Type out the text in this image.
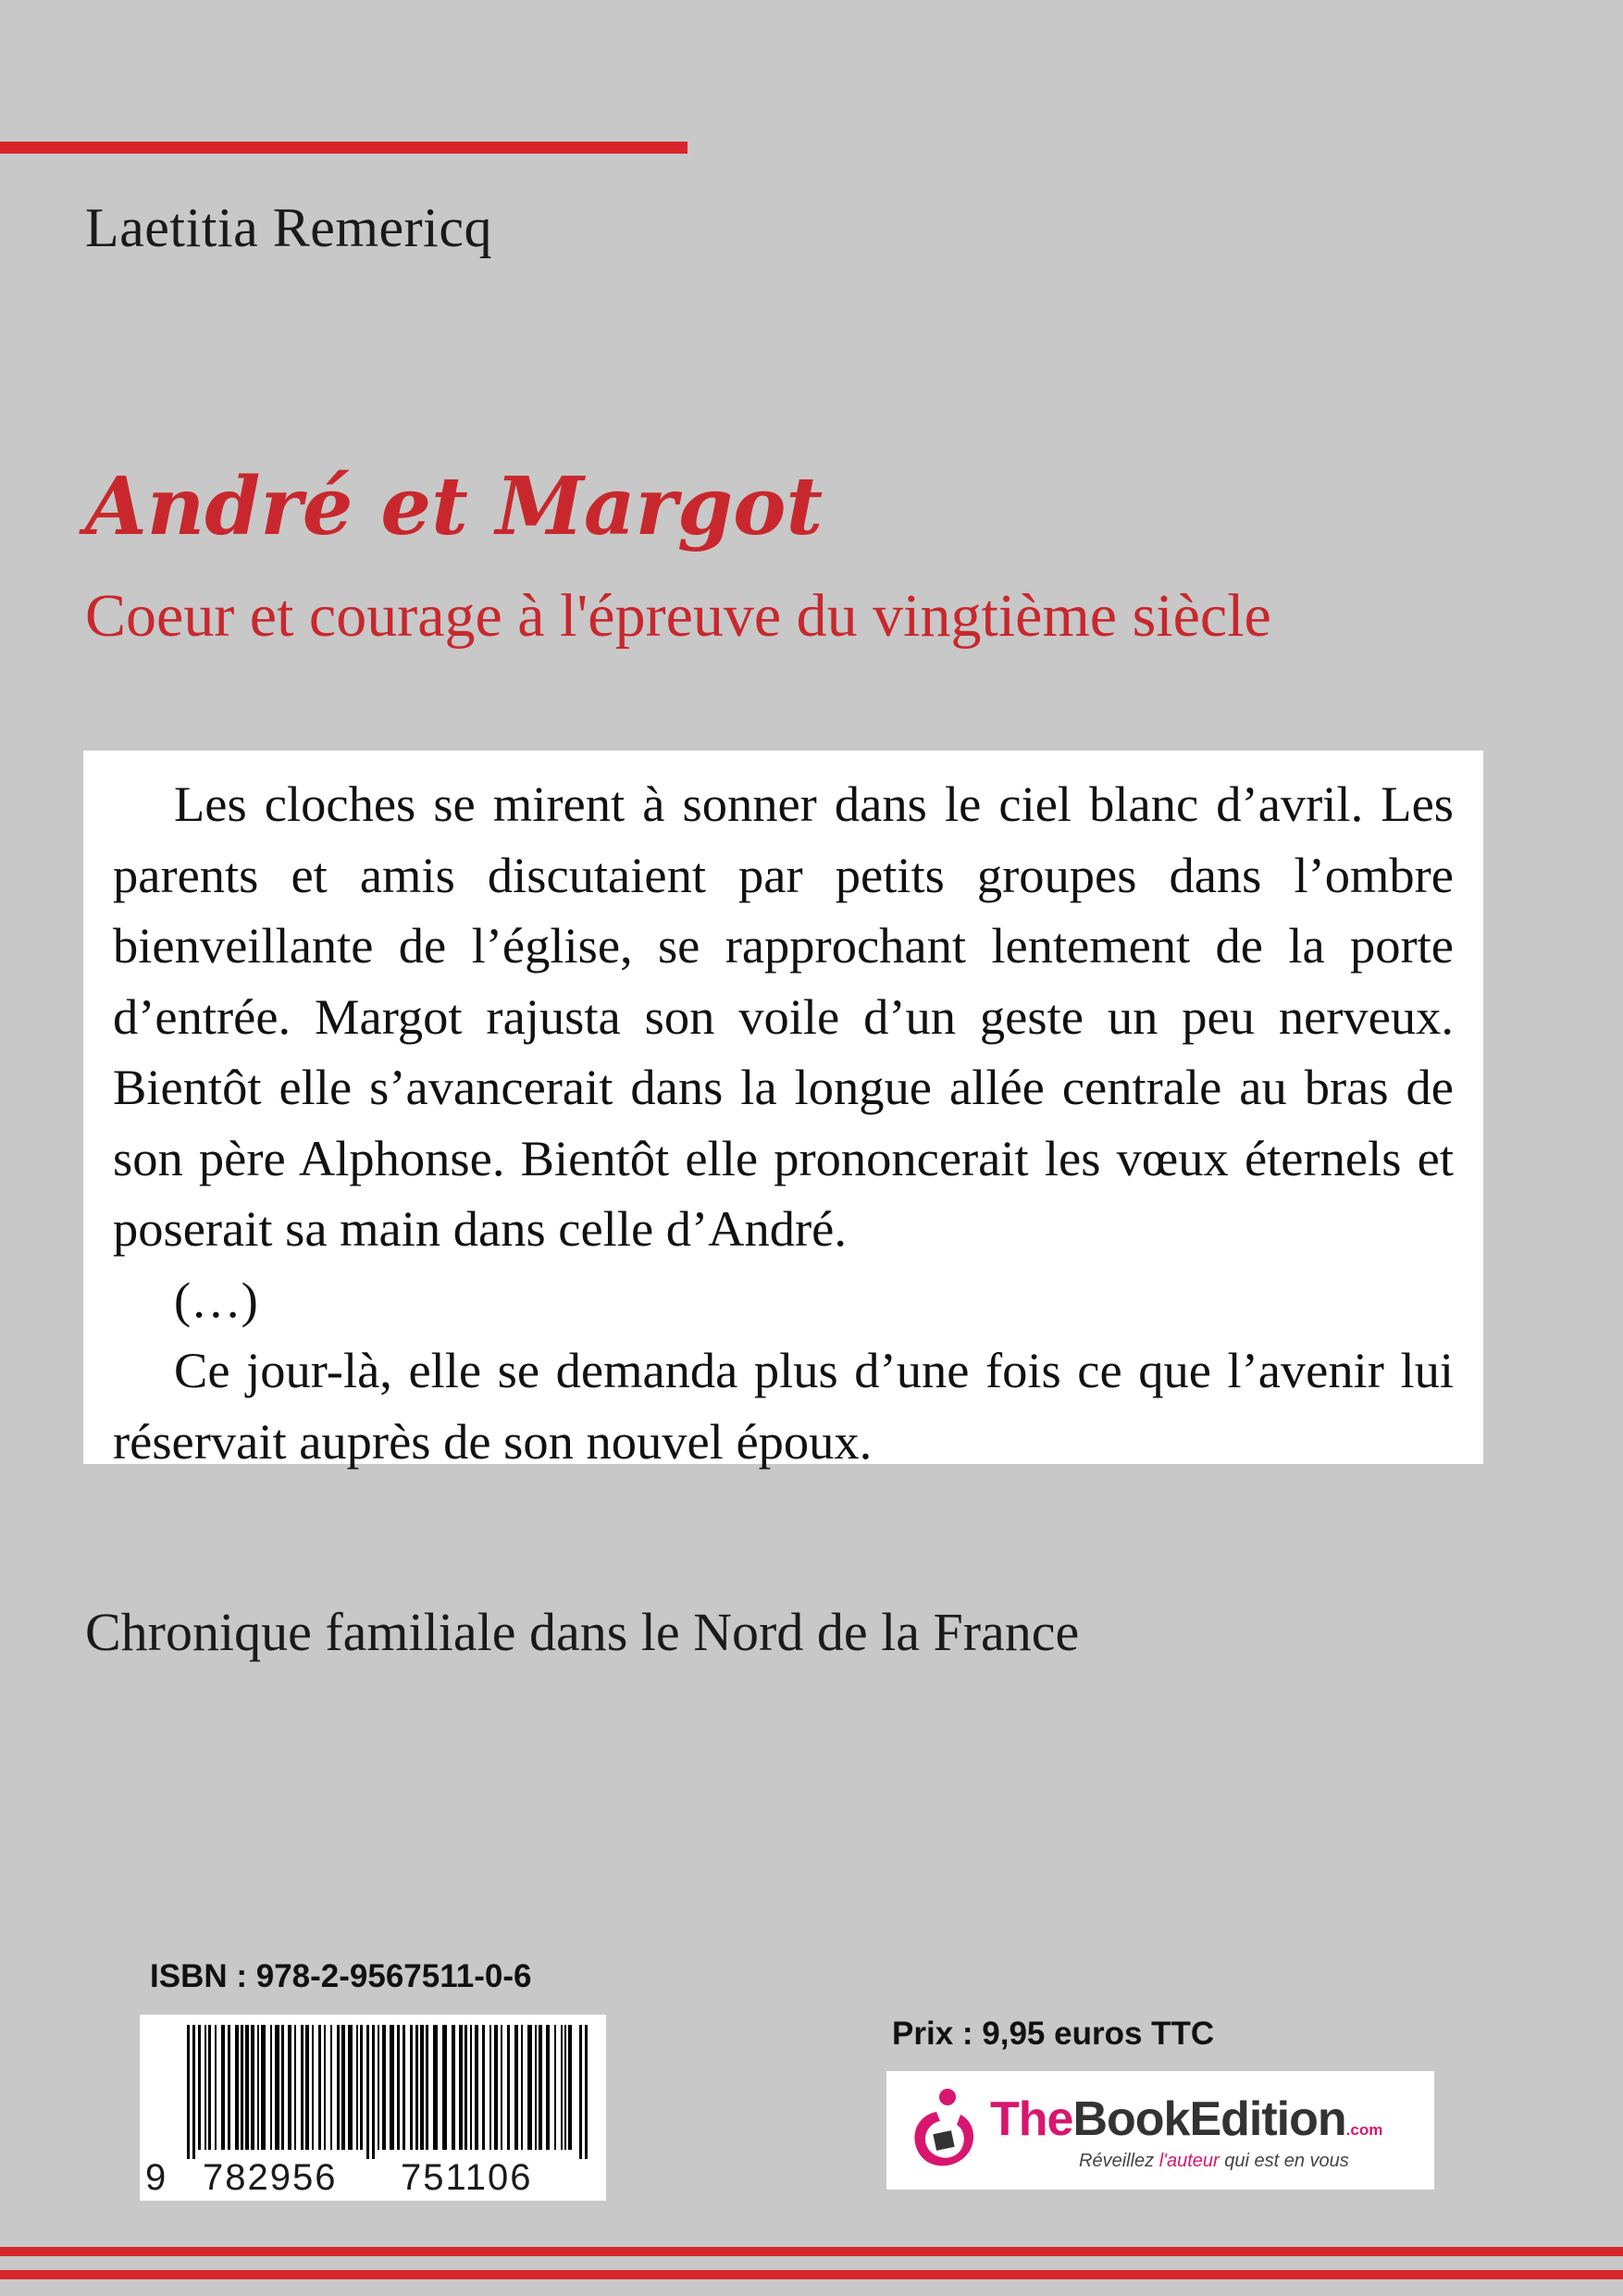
Laetitia Remericq
André et Margot
Coeur et courage à l'épreuve du vingtième siècle

Les cloches se mirent à sonner dans le ciel blanc d’avril. Les parents et amis discutaient par petits groupes dans l’ombre bienveillante de l’église, se rapprochant lentement de la porte d’entrée. Margot rajusta son voile d’un geste un peu nerveux. Bientôt elle s’avancerait dans la longue allée centrale au bras de son père Alphonse. Bientôt elle prononcerait les vœux éternels et poserait sa main dans celle d’André.

(…)

Ce jour-là, elle se demanda plus d’une fois ce que l’avenir lui réservait auprès de son nouvel époux.

Chronique familiale dans le Nord de la France
ISBN : 978-2-9567511-0-6
9 782956 751106
Prix : 9,95 euros TTC
TheBookEdition.com
Réveillez l'auteur qui est en vous
